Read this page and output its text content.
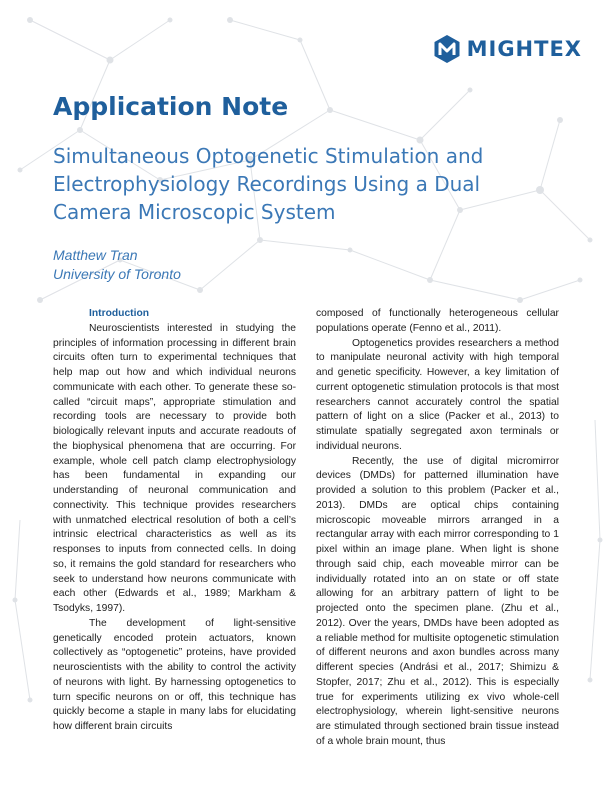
MIGHTEX
Application Note
Simultaneous Optogenetic Stimulation and Electrophysiology Recordings Using a Dual Camera Microscopic System
Matthew Tran
University of Toronto

Introduction

Neuroscientists interested in studying the principles of information processing in different brain circuits often turn to experimental techniques that help map out how and which individual neurons communicate with each other. To generate these so-called “circuit maps”, appropriate stimulation and recording tools are necessary to provide both biologically relevant inputs and accurate readouts of the biophysical phenomena that are occurring. For example, whole cell patch clamp electrophysiology has been fundamental in expanding our understanding of neuronal communication and connectivity. This technique provides researchers with unmatched electrical resolution of both a cell’s intrinsic electrical characteristics as well as its responses to inputs from connected cells. In doing so, it remains the gold standard for researchers who seek to understand how neurons communicate with each other (Edwards et al., 1989; Markham & Tsodyks, 1997).

The development of light-sensitive genetically encoded protein actuators, known collectively as “optogenetic” proteins, have provided neuroscientists with the ability to control the activity of neurons with light. By harnessing optogenetics to turn specific neurons on or off, this technique has quickly become a staple in many labs for elucidating how different brain circuits

composed of functionally heterogeneous cellular populations operate (Fenno et al., 2011).

Optogenetics provides researchers a method to manipulate neuronal activity with high temporal and genetic specificity. However, a key limitation of current optogenetic stimulation protocols is that most researchers cannot accurately control the spatial pattern of light on a slice (Packer et al., 2013) to stimulate spatially segregated axon terminals or individual neurons.

Recently, the use of digital micromirror devices (DMDs) for patterned illumination have provided a solution to this problem (Packer et al., 2013). DMDs are optical chips containing microscopic moveable mirrors arranged in a rectangular array with each mirror corresponding to 1 pixel within an image plane. When light is shone through said chip, each moveable mirror can be individually rotated into an on state or off state allowing for an arbitrary pattern of light to be projected onto the specimen plane. (Zhu et al., 2012). Over the years, DMDs have been adopted as a reliable method for multisite optogenetic stimulation of different neurons and axon bundles across many different species (Andrási et al., 2017; Shimizu & Stopfer, 2017; Zhu et al., 2012). This is especially true for experiments utilizing ex vivo whole-cell electrophysiology, wherein light-sensitive neurons are stimulated through sectioned brain tissue instead of a whole brain mount, thus
